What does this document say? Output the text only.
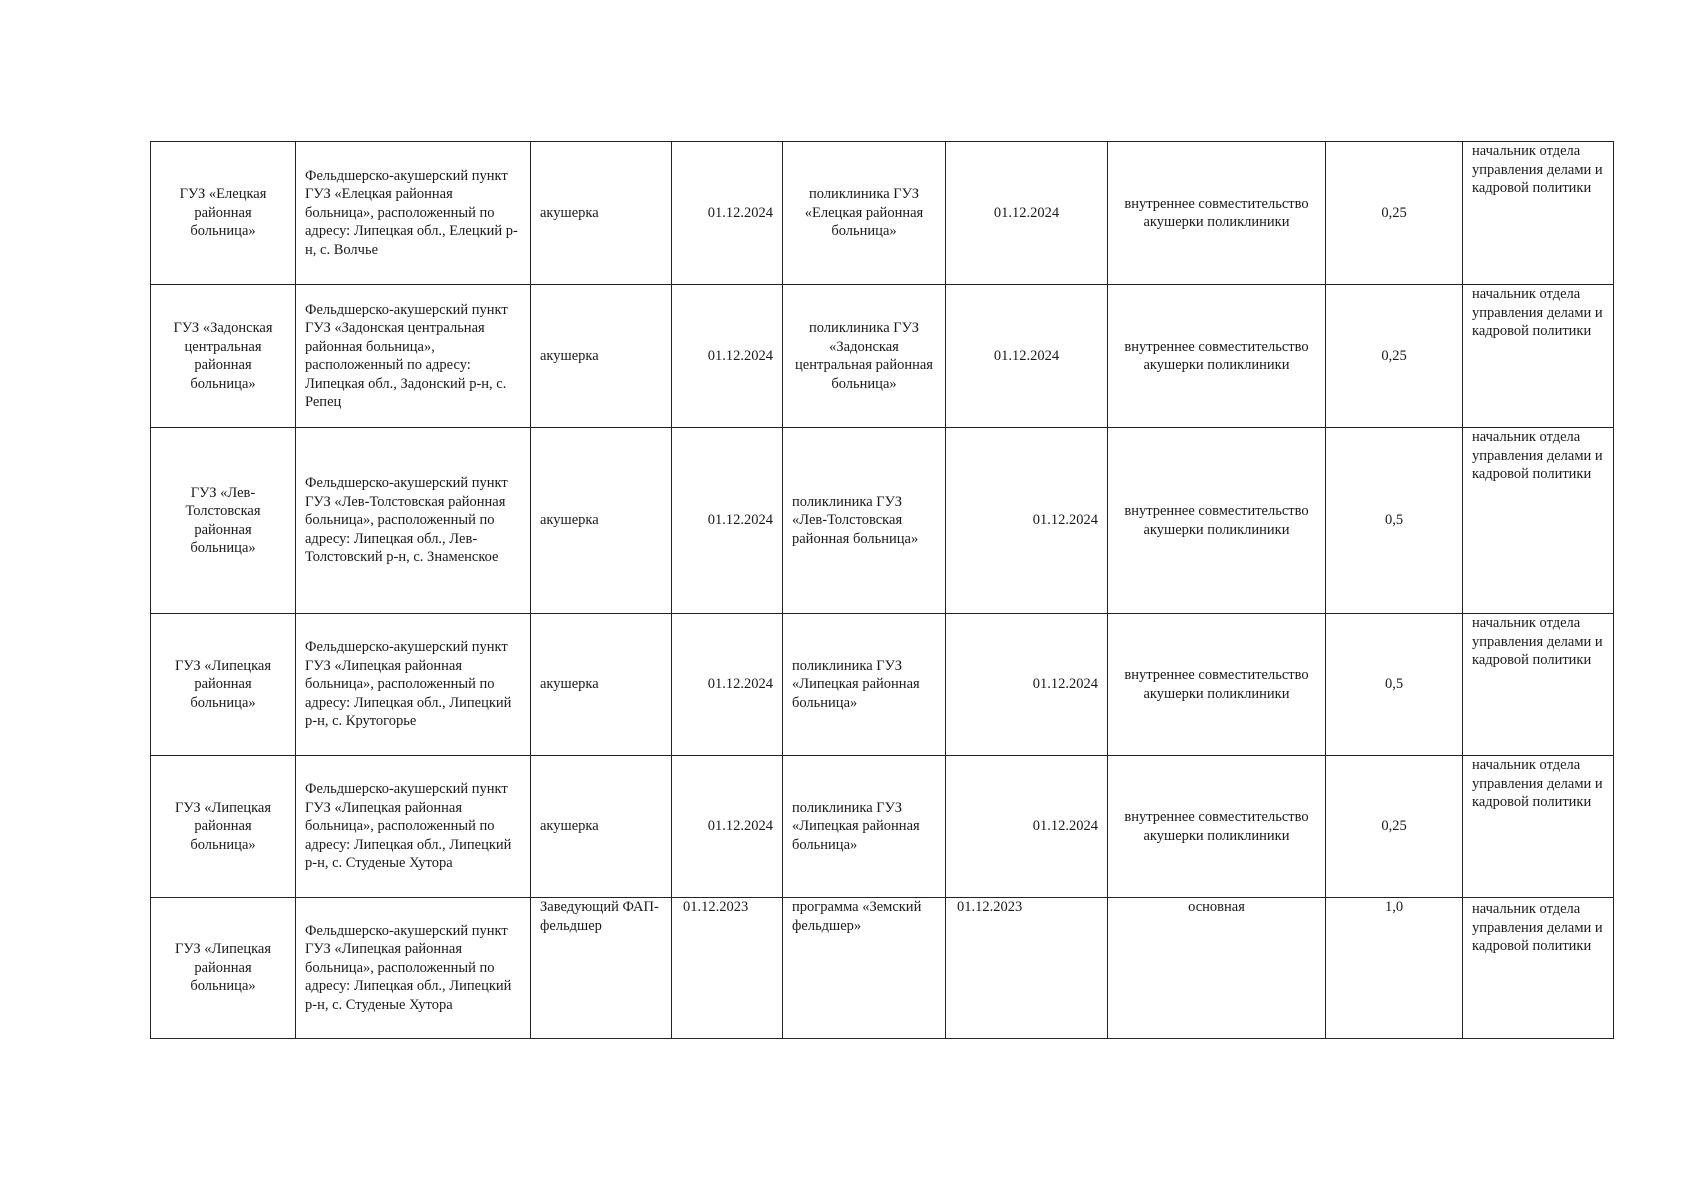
ГУЗ «Елецкая районная больница»	Фельдшерско-акушерский пункт ГУЗ «Елецкая районная больница», расположенный по адресу: Липецкая обл., Елецкий р-н, с. Волчье	акушерка	01.12.2024	поликлиника ГУЗ «Елецкая районная больница»	01.12.2024	внутреннее совместительство акушерки поликлиники	0,25	начальник отдела управления делами и кадровой политики
ГУЗ «Задонская центральная районная больница»	Фельдшерско-акушерский пункт ГУЗ «Задонская центральная районная больница», расположенный по адресу: Липецкая обл., Задонский р-н, с. Репец	акушерка	01.12.2024	поликлиника ГУЗ «Задонская центральная районная больница»	01.12.2024	внутреннее совместительство акушерки поликлиники	0,25	начальник отдела управления делами и кадровой политики
ГУЗ «Лев-Толстовская районная больница»	Фельдшерско-акушерский пункт ГУЗ «Лев-Толстовская районная больница», расположенный по адресу: Липецкая обл., Лев-Толстовский р-н, с. Знаменское	акушерка	01.12.2024	поликлиника ГУЗ «Лев-Толстовская районная больница»	01.12.2024	внутреннее совместительство акушерки поликлиники	0,5	начальник отдела управления делами и кадровой политики
ГУЗ «Липецкая районная больница»	Фельдшерско-акушерский пункт ГУЗ «Липецкая районная больница», расположенный по адресу: Липецкая обл., Липецкий р-н, с. Крутогорье	акушерка	01.12.2024	поликлиника ГУЗ «Липецкая районная больница»	01.12.2024	внутреннее совместительство акушерки поликлиники	0,5	начальник отдела управления делами и кадровой политики
ГУЗ «Липецкая районная больница»	Фельдшерско-акушерский пункт ГУЗ «Липецкая районная больница», расположенный по адресу: Липецкая обл., Липецкий р-н, с. Студеные Хутора	акушерка	01.12.2024	поликлиника ГУЗ «Липецкая районная больница»	01.12.2024	внутреннее совместительство акушерки поликлиники	0,25	начальник отдела управления делами и кадровой политики
ГУЗ «Липецкая районная больница»	Фельдшерско-акушерский пункт ГУЗ «Липецкая районная больница», расположенный по адресу: Липецкая обл., Липецкий р-н, с. Студеные Хутора	Заведующий ФАП-фельдшер	01.12.2023	программа «Земский фельдшер»	01.12.2023	основная	1,0	начальник отдела управления делами и кадровой политики
